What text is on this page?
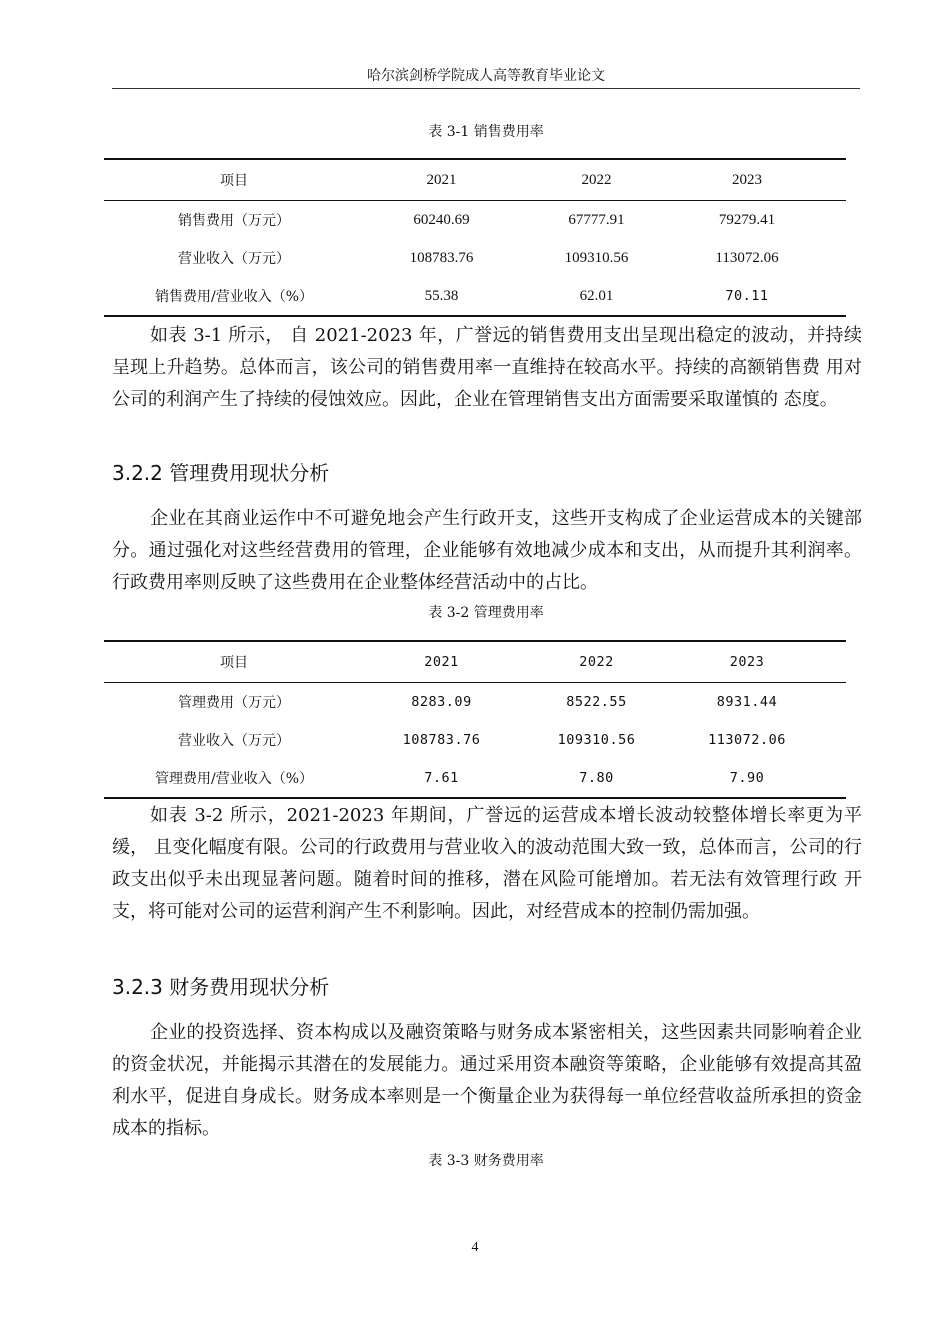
哈尔滨剑桥学院成人高等教育毕业论文
表 3-1 销售费用率
项目	2021	2022	2023
销售费用（万元）	60240.69	67777.91	79279.41
营业收入（万元）	108783.76	109310.56	113072.06
销售费用/营业收入（%）	55.38	62.01	70.11

如表 3-1 所示， 自 2021-2023 年，广誉远的销售费用支出呈现出稳定的波动，并持续 呈现上升趋势。总体而言，该公司的销售费用率一直维持在较高水平。持续的高额销售费 用对公司的利润产生了持续的侵蚀效应。因此，企业在管理销售支出方面需要采取谨慎的 态度。

3.2.2 管理费用现状分析

企业在其商业运作中不可避免地会产生行政开支，这些开支构成了企业运营成本的关键部分。通过强化对这些经营费用的管理，企业能够有效地减少成本和支出，从而提升其利润率。行政费用率则反映了这些费用在企业整体经营活动中的占比。

表 3-2 管理费用率
项目	2021	2022	2023
管理费用（万元）	8283.09	8522.55	8931.44
营业收入（万元）	108783.76	109310.56	113072.06
管理费用/营业收入（%）	7.61	7.80	7.90

如表 3-2 所示，2021-2023 年期间，广誉远的运营成本增长波动较整体增长率更为平缓， 且变化幅度有限。公司的行政费用与营业收入的波动范围大致一致，总体而言，公司的行 政支出似乎未出现显著问题。随着时间的推移，潜在风险可能增加。若无法有效管理行政 开支，将可能对公司的运营利润产生不利影响。因此，对经营成本的控制仍需加强。

3.2.3 财务费用现状分析

企业的投资选择、资本构成以及融资策略与财务成本紧密相关，这些因素共同影响着企业的资金状况，并能揭示其潜在的发展能力。通过采用资本融资等策略，企业能够有效提高其盈利水平，促进自身成长。财务成本率则是一个衡量企业为获得每一单位经营收益所承担的资金成本的指标。

表 3-3 财务费用率
4
